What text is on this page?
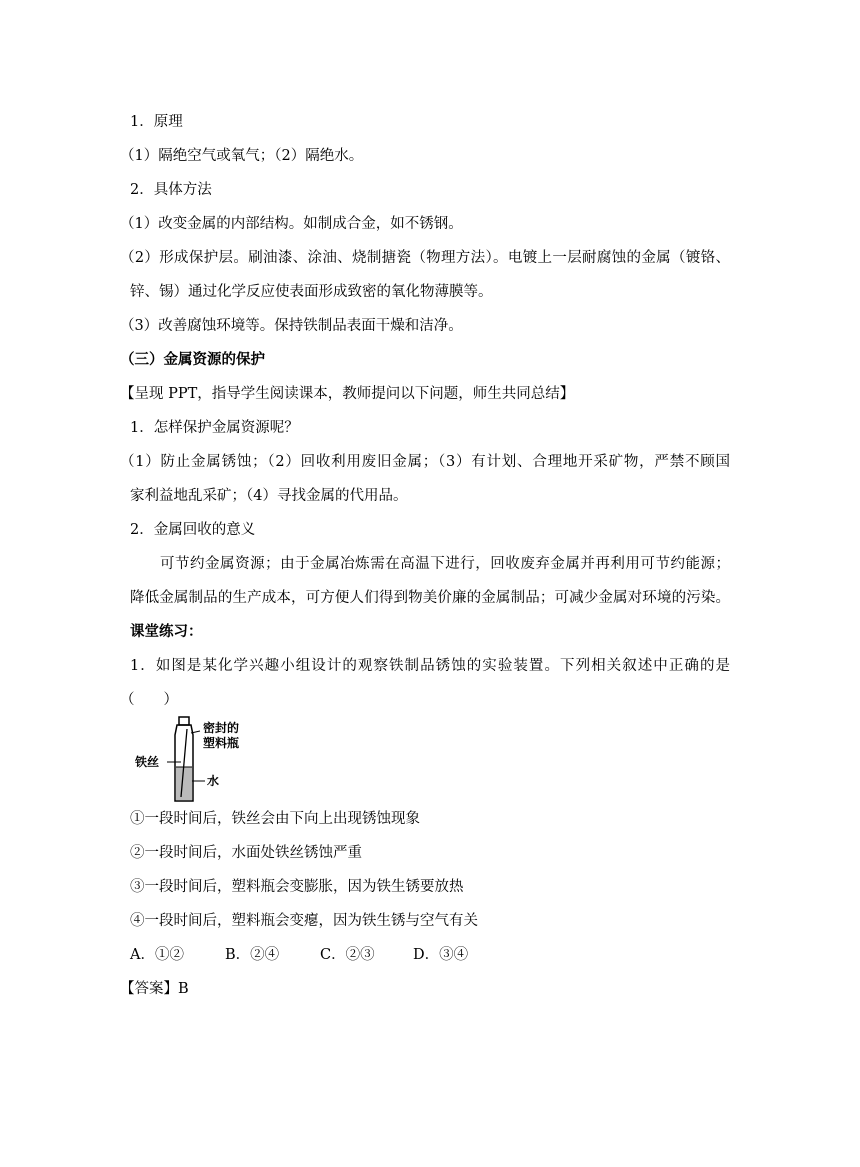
1．原理
（1）隔绝空气或氧气；（2）隔绝水。
2．具体方法
（1）改变金属的内部结构。如制成合金，如不锈钢。
（2）形成保护层。刷油漆、涂油、烧制搪瓷（物理方法）。电镀上一层耐腐蚀的金属（镀铬、
锌、锡）通过化学反应使表面形成致密的氧化物薄膜等。
（3）改善腐蚀环境等。保持铁制品表面干燥和洁净。
（三）金属资源的保护
【呈现 PPT，指导学生阅读课本，教师提问以下问题，师生共同总结】
1．怎样保护金属资源呢？
（1）防止金属锈蚀；（2）回收利用废旧金属；（3）有计划、合理地开采矿物，严禁不顾国
家利益地乱采矿；（4）寻找金属的代用品。
2．金属回收的意义
可节约金属资源；由于金属冶炼需在高温下进行，回收废弃金属并再利用可节约能源；
降低金属制品的生产成本，可方便人们得到物美价廉的金属制品；可减少金属对环境的污染。
课堂练习：
1．如图是某化学兴趣小组设计的观察铁制品锈蚀的实验装置。下列相关叙述中正确的是
（　　）
密封的
塑料瓶
铁丝
水
①一段时间后，铁丝会由下向上出现锈蚀现象
②一段时间后，水面处铁丝锈蚀严重
③一段时间后，塑料瓶会变膨胀，因为铁生锈要放热
④一段时间后，塑料瓶会变瘪，因为铁生锈与空气有关
A．①②	B．②④	C．②③	D．③④
【答案】B
